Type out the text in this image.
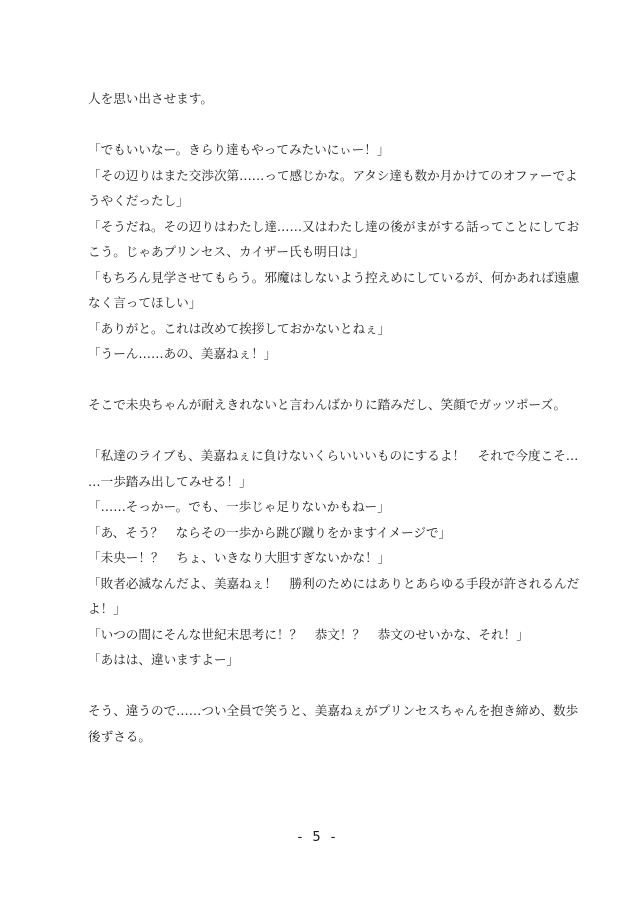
人を思い出させます。
「でもいいなー。きらり達もやってみたいにぃー！」
「その辺りはまた交渉次第……って感じかな。アタシ達も数か月かけてのオファーでよ
うやくだったし」
「そうだね。その辺りはわたし達……又はわたし達の後がまがする話ってことにしてお
こう。じゃあプリンセス、カイザー氏も明日は」
「もちろん見学させてもらう。邪魔はしないよう控えめにしているが、何かあれば遠慮
なく言ってほしい」
「ありがと。これは改めて挨拶しておかないとねぇ」
「うーん……あの、美嘉ねぇ！」
そこで未央ちゃんが耐えきれないと言わんばかりに踏みだし、笑顔でガッツポーズ。
「私達のライブも、美嘉ねぇに負けないくらいいいものにするよ！　それで今度こそ…
…一歩踏み出してみせる！」
「……そっかー。でも、一歩じゃ足りないかもねー」
「あ、そう？　ならその一歩から跳び蹴りをかますイメージで」
「未央ー！？　ちょ、いきなり大胆すぎないかな！」
「敗者必滅なんだよ、美嘉ねぇ！　勝利のためにはありとあらゆる手段が許されるんだ
よ！」
「いつの間にそんな世紀末思考に！？　恭文！？　恭文のせいかな、それ！」
「あはは、違いますよー」
そう、違うので……つい全員で笑うと、美嘉ねぇがプリンセスちゃんを抱き締め、数歩
後ずさる。
- 5 -
